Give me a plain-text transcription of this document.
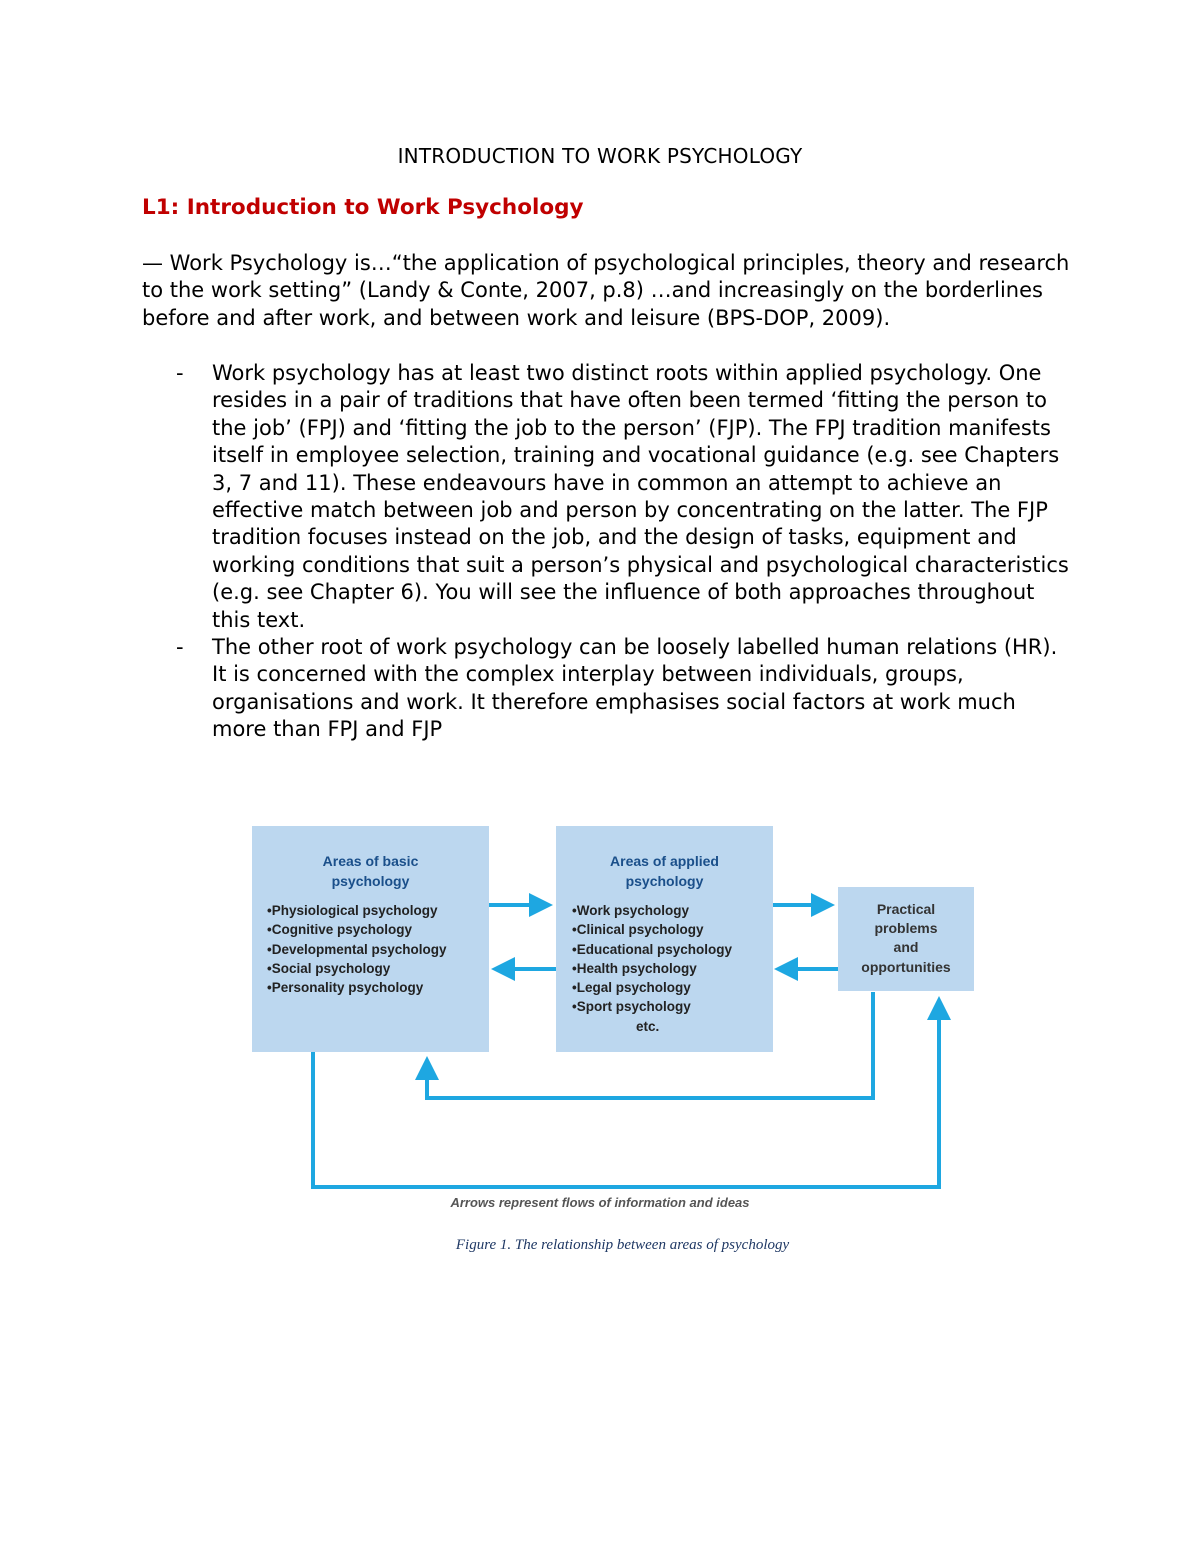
INTRODUCTION TO WORK PSYCHOLOGY
L1: Introduction to Work Psychology
— Work Psychology is…“the application of psychological principles, theory and research to the work setting” (Landy & Conte, 2007, p.8) …and increasingly on the borderlines before and after work, and between work and leisure (BPS-DOP, 2009).
- Work psychology has at least two distinct roots within applied psychology. One resides in a pair of traditions that have often been termed ‘fitting the person to the job’ (FPJ) and ‘fitting the job to the person’ (FJP). The FPJ tradition manifests itself in employee selection, training and vocational guidance (e.g. see Chapters 3, 7 and 11). These endeavours have in common an attempt to achieve an effective match between job and person by concentrating on the latter. The FJP tradition focuses instead on the job, and the design of tasks, equipment and working conditions that suit a person’s physical and psychological characteristics (e.g. see Chapter 6). You will see the influence of both approaches throughout this text.
- The other root of work psychology can be loosely labelled human relations (HR). It is concerned with the complex interplay between individuals, groups, organisations and work. It therefore emphasises social factors at work much more than FPJ and FJP
Areas of basic
psychology
• Physiological psychology
• Cognitive psychology
• Developmental psychology
• Social psychology
• Personality psychology
Areas of applied
psychology
• Work psychology
• Clinical psychology
• Educational psychology
• Health psychology
• Legal psychology
• Sport psychology
etc.
Practical
problems
and
opportunities
Arrows represent flows of information and ideas
Figure 1. The relationship between areas of psychology
